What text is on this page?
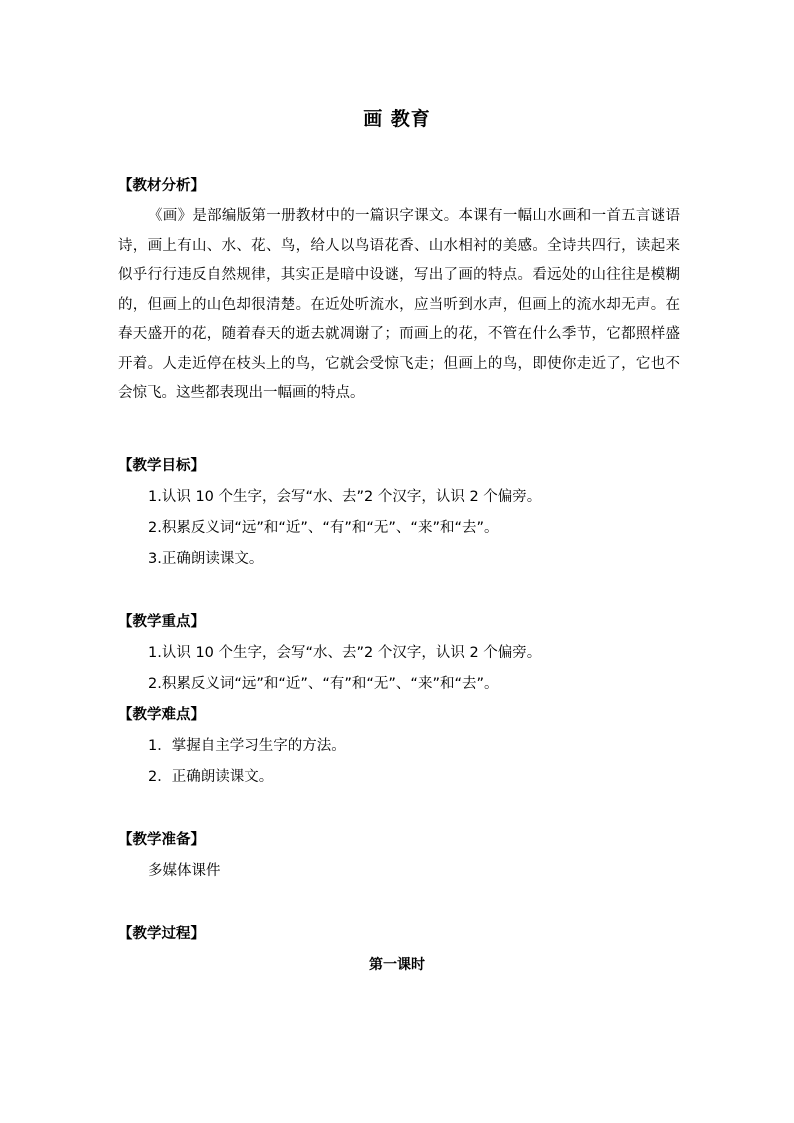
画 教育
【教材分析】
《画》是部编版第一册教材中的一篇识字课文。本课有一幅山水画和一首五言谜语诗，画上有山、水、花、鸟，给人以鸟语花香、山水相衬的美感。全诗共四行，读起来似乎行行违反自然规律，其实正是暗中设谜，写出了画的特点。看远处的山往往是模糊的，但画上的山色却很清楚。在近处听流水，应当听到水声，但画上的流水却无声。在春天盛开的花，随着春天的逝去就凋谢了；而画上的花，不管在什么季节，它都照样盛开着。人走近停在枝头上的鸟，它就会受惊飞走；但画上的鸟，即使你走近了，它也不会惊飞。这些都表现出一幅画的特点。
【教学目标】
1.认识 10 个生字，会写“水、去”2 个汉字，认识 2 个偏旁。
2.积累反义词“远”和“近”、“有”和“无”、“来”和“去”。
3.正确朗读课文。
【教学重点】
1.认识 10 个生字，会写“水、去”2 个汉字，认识 2 个偏旁。
2.积累反义词“远”和“近”、“有”和“无”、“来”和“去”。
【教学难点】
1．掌握自主学习生字的方法。
2．正确朗读课文。
【教学准备】
多媒体课件
【教学过程】
第一课时
